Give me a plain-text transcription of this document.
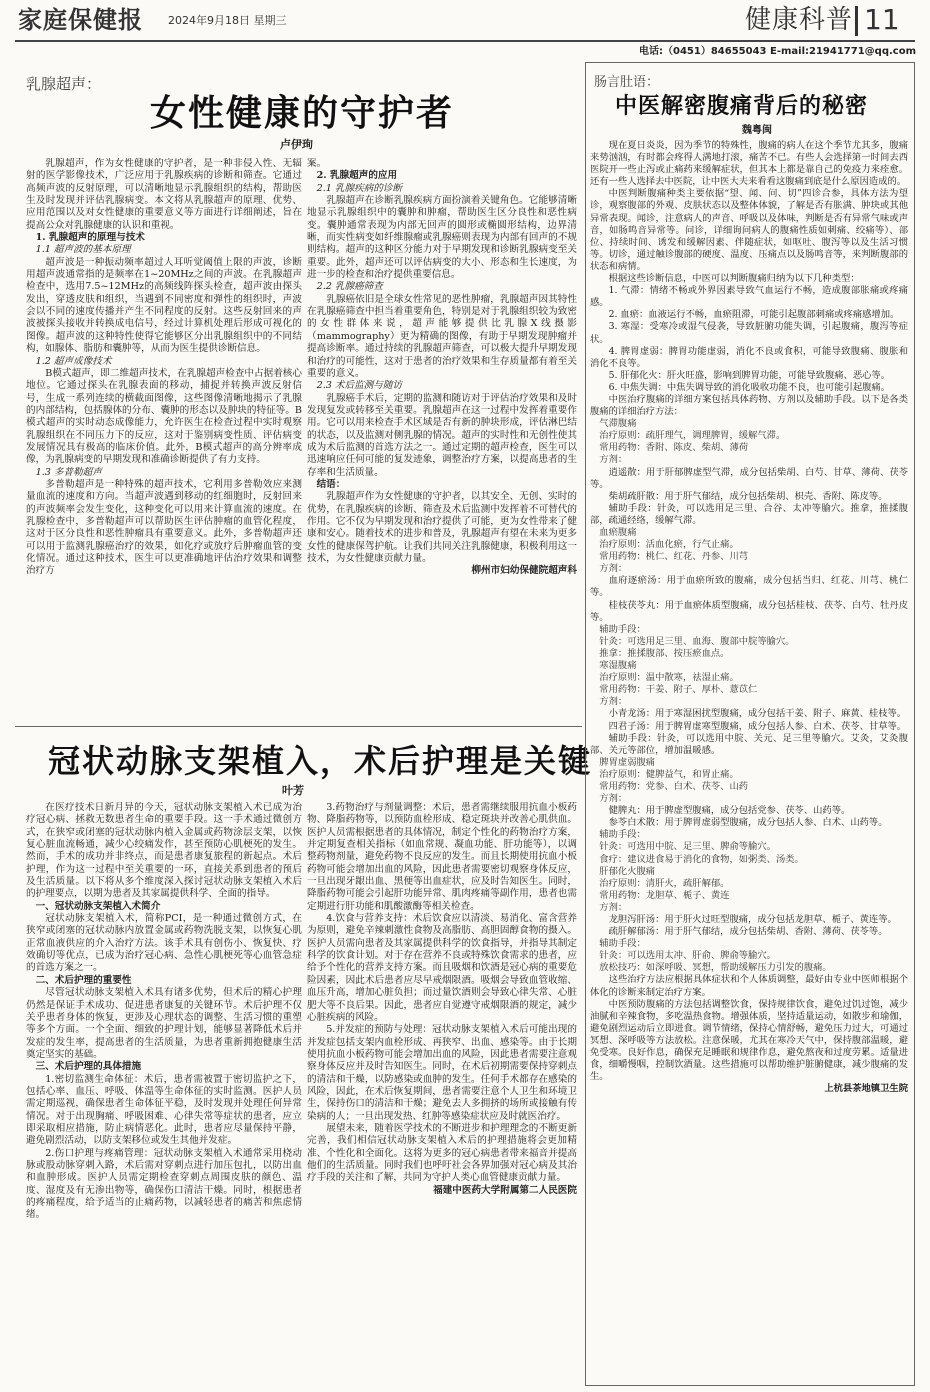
家庭保健报 2024年9月18日 星期三	健康科普 11
电话:（0451）84655043 E-mail:21941771@qq.com
乳腺超声：
女性健康的守护者
卢伊珣

乳腺超声，作为女性健康的守护者，是一种非侵入性、无辐射的医学影像技术，广泛应用于乳腺疾病的诊断和筛查。它通过高频声波的反射原理，可以清晰地显示乳腺组织的结构，帮助医生及时发现并评估乳腺病变。本文将从乳腺超声的原理、优势、应用范围以及对女性健康的重要意义等方面进行详细阐述，旨在提高公众对乳腺健康的认识和重视。

1. 乳腺超声的原理与技术

1.1 超声波的基本原理

超声波是一种振动频率超过人耳听觉阈值上限的声波，诊断用超声波通常指的是频率在1~20MHz之间的声波。在乳腺超声检查中，选用7.5~12MHz的高频线阵探头检查，超声波由探头发出，穿透皮肤和组织，当遇到不同密度和弹性的组织时，声波会以不同的速度传播并产生不同程度的反射。这些反射回来的声波被探头接收并转换成电信号，经过计算机处理后形成可视化的图像。超声波的这种特性使得它能够区分出乳腺组织中的不同结构，如腺体、脂肪和囊肿等，从而为医生提供诊断信息。

1.2 超声成像技术

B模式超声，即二维超声技术，在乳腺超声检查中占据着核心地位。它通过探头在乳腺表面的移动，捕捉并转换声波反射信号，生成一系列连续的横截面图像，这些图像清晰地揭示了乳腺的内部结构，包括腺体的分布、囊肿的形态以及肿块的特征等。B模式超声的实时动态成像能力，允许医生在检查过程中实时观察乳腺组织在不同压力下的反应，这对于鉴别病变性质、评估病变发展情况具有极高的临床价值。此外，B模式超声的高分辨率成像，为乳腺病变的早期发现和准确诊断提供了有力支持。

1.3 多普勒超声

多普勒超声是一种特殊的超声技术，它利用多普勒效应来测量血流的速度和方向。当超声波遇到移动的红细胞时，反射回来的声波频率会发生变化，这种变化可以用来计算血流的速度。在乳腺检查中，多普勒超声可以帮助医生评估肿瘤的血管化程度，这对于区分良性和恶性肿瘤具有重要意义。此外，多普勒超声还可以用于监测乳腺癌治疗的效果，如化疗或放疗后肿瘤血管的变化情况。通过这种技术，医生可以更准确地评估治疗效果和调整治疗方

案。

2. 乳腺超声的应用

2.1 乳腺疾病的诊断

乳腺超声在诊断乳腺疾病方面扮演着关键角色。它能够清晰地显示乳腺组织中的囊肿和肿瘤，帮助医生区分良性和恶性病变。囊肿通常表现为内部无回声的圆形或椭圆形结构，边界清晰，而实性病变如纤维腺瘤或乳腺癌则表现为内部有回声的不规则结构。超声的这种区分能力对于早期发现和诊断乳腺病变至关重要。此外，超声还可以评估病变的大小、形态和生长速度，为进一步的检查和治疗提供重要信息。

2.2 乳腺癌筛查

乳腺癌依旧是全球女性常见的恶性肿瘤，乳腺超声因其特性在乳腺癌筛查中担当着重要角色，特别是对于乳腺组织较为致密的女性群体来说，超声能够提供比乳腺X线摄影（mammography）更为精确的图像，有助于早期发现肿瘤并提高诊断率。通过持续的乳腺超声筛查，可以极大提升早期发现和治疗的可能性，这对于患者的治疗效果和生存质量都有着至关重要的意义。

2.3 术后监测与随访

乳腺癌手术后，定期的监测和随访对于评估治疗效果和及时发现复发或转移至关重要。乳腺超声在这一过程中发挥着重要作用。它可以用来检查手术区域是否有新的肿块形成，评估淋巴结的状态，以及监测对侧乳腺的情况。超声的实时性和无创性使其成为术后监测的首选方法之一。通过定期的超声检查，医生可以迅速响应任何可能的复发迹象，调整治疗方案，以提高患者的生存率和生活质量。

结语：

乳腺超声作为女性健康的守护者，以其安全、无创、实时的优势，在乳腺疾病的诊断、筛查及术后监测中发挥着不可替代的作用。它不仅为早期发现和治疗提供了可能，更为女性带来了健康和安心。随着技术的进步和普及，乳腺超声有望在未来为更多女性的健康保驾护航。让我们共同关注乳腺健康，积极利用这一技术，为女性健康贡献力量。

柳州市妇幼保健院超声科

冠状动脉支架植入，术后护理是关键
叶芳

在医疗技术日新月异的今天，冠状动脉支架植入术已成为治疗冠心病、拯救无数患者生命的重要手段。这一手术通过微创方式，在狭窄或闭塞的冠状动脉内植入金属或药物涂层支架，以恢复心脏血流畅通，减少心绞痛发作，甚至预防心肌梗死的发生。然而，手术的成功并非终点，而是患者康复旅程的新起点。术后护理，作为这一过程中至关重要的一环，直接关系到患者的预后及生活质量。以下将从多个维度深入探讨冠状动脉支架植入术后的护理要点，以期为患者及其家属提供科学、全面的指导。

一、冠状动脉支架植入术简介

冠状动脉支架植入术，简称PCI，是一种通过微创方式，在狭窄或闭塞的冠状动脉内放置金属或药物洗脱支架，以恢复心肌正常血液供应的介入治疗方法。该手术具有创伤小、恢复快、疗效确切等优点，已成为治疗冠心病、急性心肌梗死等心血管急症的首选方案之一。

二、术后护理的重要性

尽管冠状动脉支架植入术具有诸多优势，但术后的精心护理仍然是保证手术成功、促进患者康复的关键环节。术后护理不仅关乎患者身体的恢复，更涉及心理状态的调整、生活习惯的重塑等多个方面。一个全面、细致的护理计划，能够显著降低术后并发症的发生率，提高患者的生活质量，为患者重新拥抱健康生活奠定坚实的基础。

三、术后护理的具体措施

1.密切监测生命体征：术后，患者需被置于密切监护之下，包括心率、血压、呼吸、体温等生命体征的实时监测。医护人员需定期巡视，确保患者生命体征平稳，及时发现并处理任何异常情况。对于出现胸痛、呼吸困难、心律失常等症状的患者，应立即采取相应措施，防止病情恶化。此时，患者应尽量保持平静，避免剧烈活动，以防支架移位或发生其他并发症。

2.伤口护理与疼痛管理：冠状动脉支架植入术通常采用桡动脉或股动脉穿刺入路，术后需对穿刺点进行加压包扎，以防出血和血肿形成。医护人员需定期检查穿刺点周围皮肤的颜色、温度、湿度及有无渗出物等，确保伤口清洁干燥。同时，根据患者的疼痛程度，给予适当的止痛药物，以减轻患者的痛苦和焦虑情绪。

3.药物治疗与剂量调整：术后，患者需继续服用抗血小板药物、降脂药物等，以预防血栓形成、稳定斑块并改善心肌供血。医护人员需根据患者的具体情况，制定个性化的药物治疗方案，并定期复查相关指标（如血常规、凝血功能、肝功能等），以调整药物剂量，避免药物不良反应的发生。而且长期使用抗血小板药物可能会增加出血的风险，因此患者需要密切观察身体反应，一旦出现牙龈出血、黑便等出血症状，应及时告知医生。同时，降脂药物可能会引起肝功能异常、肌肉疼痛等副作用，患者也需定期进行肝功能和肌酸激酶等相关检查。

4.饮食与营养支持：术后饮食应以清淡、易消化、富含营养为原则，避免辛辣刺激性食物及高脂肪、高胆固醇食物的摄入。医护人员需向患者及其家属提供科学的饮食指导，并指导其制定科学的饮食计划。对于存在营养不良或特殊饮食需求的患者，应给予个性化的营养支持方案。而且吸烟和饮酒是冠心病的重要危险因素，因此术后患者应尽早戒烟限酒。吸烟会导致血管收缩、血压升高，增加心脏负担；而过量饮酒则会导致心律失常、心脏肥大等不良后果。因此，患者应自觉遵守戒烟限酒的规定，减少心脏疾病的风险。

5.并发症的预防与处理：冠状动脉支架植入术后可能出现的并发症包括支架内血栓形成、再狭窄、出血、感染等。由于长期使用抗血小板药物可能会增加出血的风险，因此患者需要注意观察身体反应并及时告知医生。同时，在术后初期需要保持穿刺点的清洁和干燥，以防感染或血肿的发生。任何手术都存在感染的风险，因此，在术后恢复期间，患者需要注意个人卫生和环境卫生，保持伤口的清洁和干燥；避免去人多拥挤的场所或接触有传染病的人；一旦出现发热、红肿等感染症状应及时就医治疗。

展望未来，随着医学技术的不断进步和护理理念的不断更新完善，我们相信冠状动脉支架植入术后的护理措施将会更加精准、个性化和全面化。这将为更多的冠心病患者带来福音并提高他们的生活质量。同时我们也呼吁社会各界加强对冠心病及其治疗手段的关注和了解，共同为守护人类心血管健康贡献力量。

福建中医药大学附属第二人民医院

肠言肚语：
中医解密腹痛背后的秘密
魏粤闽

现在夏日炎炎，因为季节的特殊性，腹痛的病人在这个季节尤其多，腹痛来势汹汹，有时都会疼得人满地打滚，痛苦不已。有些人会选择第一时间去西医院开一些止泻或止痛药来缓解症状，但其本上都是靠自己的免疫力来痊愈。还有一些人选择去中医院，让中医大夫来看看这腹痛到底是什么原因造成的。

中医判断腹痛种类主要依据“望、闻、问、切”四诊合参，具体方法为望诊，观察腹部的外观、皮肤状态以及整体体貌，了解是否有胀满、肿块或其他异常表现。闻诊，注意病人的声音、呼吸以及体味，判断是否有异常气味或声音，如肠鸣音异常等。问诊，详细询问病人的腹痛性质如刺痛、绞痛等）、部位、持续时间、诱发和缓解因素、伴随症状，如呕吐、腹泻等以及生活习惯等。切诊，通过触诊腹部的硬度、温度、压痛点以及肠鸣音等，来判断腹部的状态和病情。

根据这些诊断信息，中医可以判断腹痛归纳为以下几种类型：

1. 气滞：情绪不畅或外界因素导致气血运行不畅，造成腹部胀痛或疼痛感。

2. 血瘀：血液运行不畅，血瘀阻滞，可能引起腹部刺痛或疼痛感增加。

3. 寒湿：受寒冷或湿气侵袭，导致脏腑功能失调，引起腹痛，腹泻等症状。

4. 脾胃虚弱：脾胃功能虚弱，消化不良或食积，可能导致腹痛、腹胀和消化不良等。

5. 肝郁化火：肝火旺盛，影响到脾胃功能，可能导致腹痛、恶心等。

6. 中焦失调：中焦失调导致的消化吸收功能不良，也可能引起腹痛。

中医治疗腹痛的详细方案包括具体药物、方剂以及辅助手段。以下是各类腹痛的详细治疗方法：

气滞腹痛

治疗原则：疏肝理气，调理脾胃，缓解气滞。

常用药物：香附、陈皮、柴胡、薄荷

方剂：

逍遥散：用于肝郁脾虚型气滞，成分包括柴胡、白芍、甘草、薄荷、茯苓等。

柴胡疏肝散：用于肝气郁结，成分包括柴胡、枳壳、香附、陈皮等。

辅助手段：针灸，可以选用足三里、合谷、太冲等腧穴。推拿，推揉腹部，疏通经络，缓解气滞。

血瘀腹痛

治疗原则：活血化瘀，行气止痛。

常用药物：桃仁、红花、丹参、川芎

方剂：

血府逐瘀汤：用于血瘀所致的腹痛，成分包括当归、红花、川芎、桃仁等。

桂枝茯苓丸：用于血瘀体质型腹痛，成分包括桂枝、茯苓、白芍、牡丹皮等。

辅助手段：

针灸：可选用足三里、血海、腹部中脘等腧穴。

推拿：推揉腹部、按压瘀血点。

寒湿腹痛

治疗原则：温中散寒，祛湿止痛。

常用药物：干姜、附子、厚朴、薏苡仁

方剂：

小青龙汤：用于寒湿困扰型腹痛，成分包括干姜、附子、麻黄、桂枝等。

四君子汤：用于脾胃虚寒型腹痛，成分包括人参、白术、茯苓、甘草等。

辅助手段：针灸，可以选用中脘、关元、足三里等腧穴。艾灸，艾灸腹部、关元等部位，增加温暖感。

脾胃虚弱腹痛

治疗原则：健脾益气，和胃止痛。

常用药物：党参、白术、茯苓、山药

方剂：

健脾丸：用于脾虚型腹痛，成分包括党参、茯苓、山药等。

参苓白术散：用于脾胃虚弱型腹痛，成分包括人参、白术、山药等。

辅助手段：

针灸：可选用中脘、足三里、脾俞等腧穴。

食疗：建议进食易于消化的食物，如粥类、汤类。

肝郁化火腹痛

治疗原则：清肝火，疏肝解郁。

常用药物：龙胆草、栀子、黄连

方剂：

龙胆泻肝汤：用于肝火过旺型腹痛，成分包括龙胆草、栀子、黄连等。

疏肝解郁汤：用于肝气郁结，成分包括柴胡、香附、薄荷、茯苓等。

辅助手段：

针灸：可以选用太冲、肝俞、脾俞等腧穴。

放松技巧：如深呼吸、冥想，帮助缓解压力引发的腹痛。

这些治疗方法应根据具体症状和个人体质调整，最好由专业中医师根据个体化的诊断来制定治疗方案。

中医预防腹痛的方法包括调整饮食，保持规律饮食，避免过饥过饱，减少油腻和辛辣食物，多吃温热食物。增强体质，坚持适量运动，如散步和瑜伽，避免剧烈运动后立即进食。调节情绪，保持心情舒畅，避免压力过大，可通过冥想、深呼吸等方法放松。注意保暖，尤其在寒冷天气中，保持腹部温暖，避免受寒。良好作息，确保充足睡眠和规律作息，避免熬夜和过度劳累。适量进食，细嚼慢咽，控制饮酒量。这些措施可以帮助维护脏腑健康，减少腹痛的发生。

上杭县茶地镇卫生院
